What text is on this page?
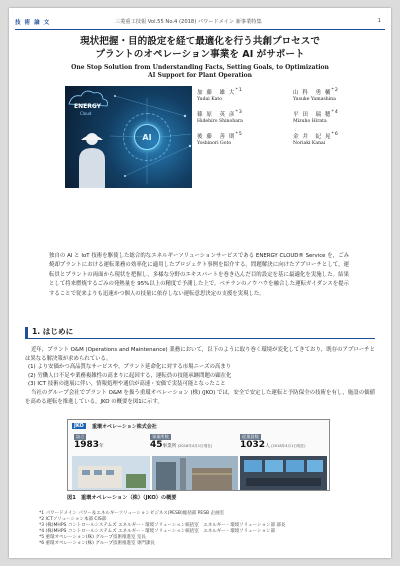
技 術 論 文	三菱重工技報 Vol.55 No.4 (2018) パワードメイン 新事業特集	1
現状把握・目的設定を経て最適化を行う共創プロセスで
プラントのオペレーション事業を AI がサポート
One Stop Solution from Understanding Facts, Setting Goals, to Optimization
AI Support for Plant Operation
ENERGY
Cloud
AI
加 藤　雄 大$^{*1}$
Yudai Kato
山 科　勇 輔$^{*2}$
Yusuke Yamashina
篠 原　英 彦$^{*3}$
Hidehiro Shinohara
平 田　瑞 穂$^{*4}$
Mizuho Hirata
後 藤　善 則$^{*5}$
Yoshinori Goto
金 井　紀 晃$^{*6}$
Noriaki Kanai
独自の AI と IoT 技術を駆使した総合的なエネルギーソリューションサービスである ENERGY CLOUD® Service を，ごみ焼却プラントにおける運転業務の効率化に適用したプロジェクト事例を紹介する。問題解決に向けたアプローチとして，運転員とプラントの両面から現状を把握し，多様な分野のエキスパートを巻き込んだ目的設定を基に最適化を実施した。結果として将来燃焼するごみの発熱量を 95%以上の精度で予測した上で，ベテランのノウハウを融合した運転ガイダンスを提示することで従来よりも迅速かつ個人の技量に依存しない運転意思決定の支援を実現した。
1. はじめに

近年，プラント O&M (Operations and Maintenance) 業務において，以下のように取り巻く環境が変化してきており，既存のアプローチとは異なる解決策が求められている。

(1) より安価かつ高品質なサービスや，プラント延命化に対する市場ニーズの高まり

(2) 労働人口不足や業務複雑性の高まりに起因する，運転員の技能承継問題の顕在化

(3) ICT 技術の進展に伴い，情報処理や通信が高速・安価で実装可能となったこと

当社のグループ会社でプラント O&M を扱う重環オペレーション (株) (JKO) では，安全で安定した運転と予防保全の技術を有し，施設の価値を高める運転を推進している。JKO の概要を図1に示す。

JKO	重環オペレーション株式会社
設立
1983年
事業所数
45事業所 (2018年4月1日現在)
従業員数
1032人 (2018年4月1日現在)
図1　重環オペレーション（株）（JKO）の概要
*1 パワードメイン パワー＆エネルギーソリューションビジネス(PESB)総括部 PESB 企画室
*2 ICTソリューション本部 CIS部
*3 (株)MHPS コントロールシステムズ エネルギー・環境ソリューション統括室　エネルギー・環境ソリューション部 部長
*4 (株)MHPS コントロールシステムズ エネルギー・環境ソリューション統括室　エネルギー・環境ソリューション部
*5 重環オペレーション(株) グループ技術推進室 室長
*6 重環オペレーション(株) グループ技術推進室 専門課長
